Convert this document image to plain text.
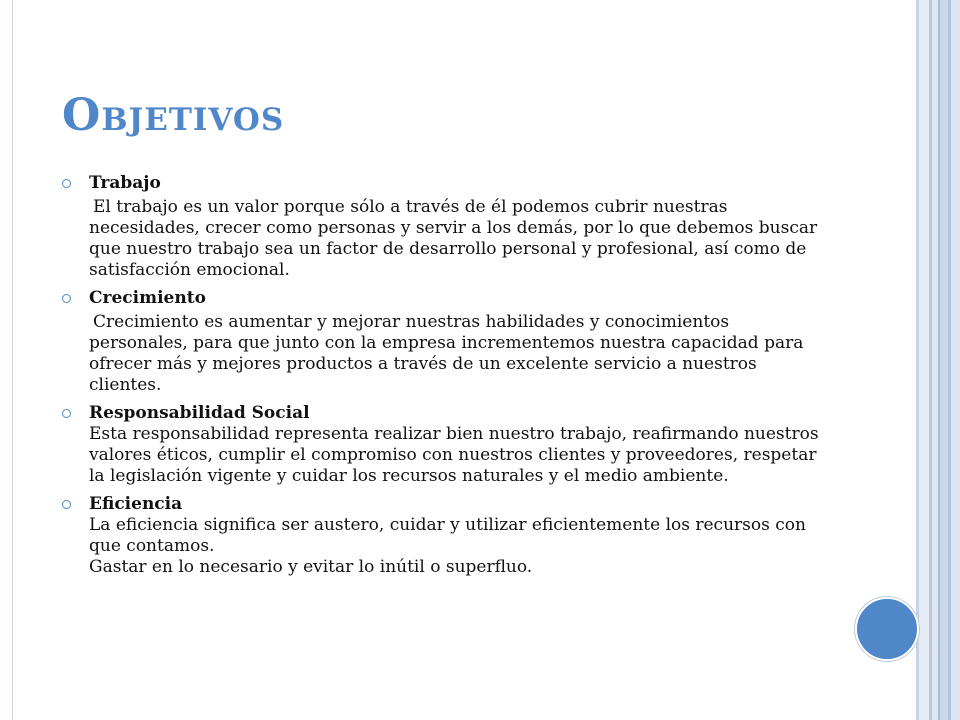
Objetivos
Trabajo
El trabajo es un valor porque sólo a través de él podemos cubrir nuestras necesidades, crecer como personas y servir a los demás, por lo que debemos buscar que nuestro trabajo sea un factor de desarrollo personal y profesional, así como de satisfacción emocional.
Crecimiento
Crecimiento es aumentar y mejorar nuestras habilidades y conocimientos personales, para que junto con la empresa incrementemos nuestra capacidad para ofrecer más y mejores productos a través de un excelente servicio a nuestros clientes.
Responsabilidad Social
Esta responsabilidad representa realizar bien nuestro trabajo, reafirmando nuestros valores éticos, cumplir el compromiso con nuestros clientes y proveedores, respetar la legislación vigente y cuidar los recursos naturales y el medio ambiente.
Eficiencia
La eficiencia significa ser austero, cuidar y utilizar eficientemente los recursos con que contamos.
Gastar en lo necesario y evitar lo inútil o superfluo.
